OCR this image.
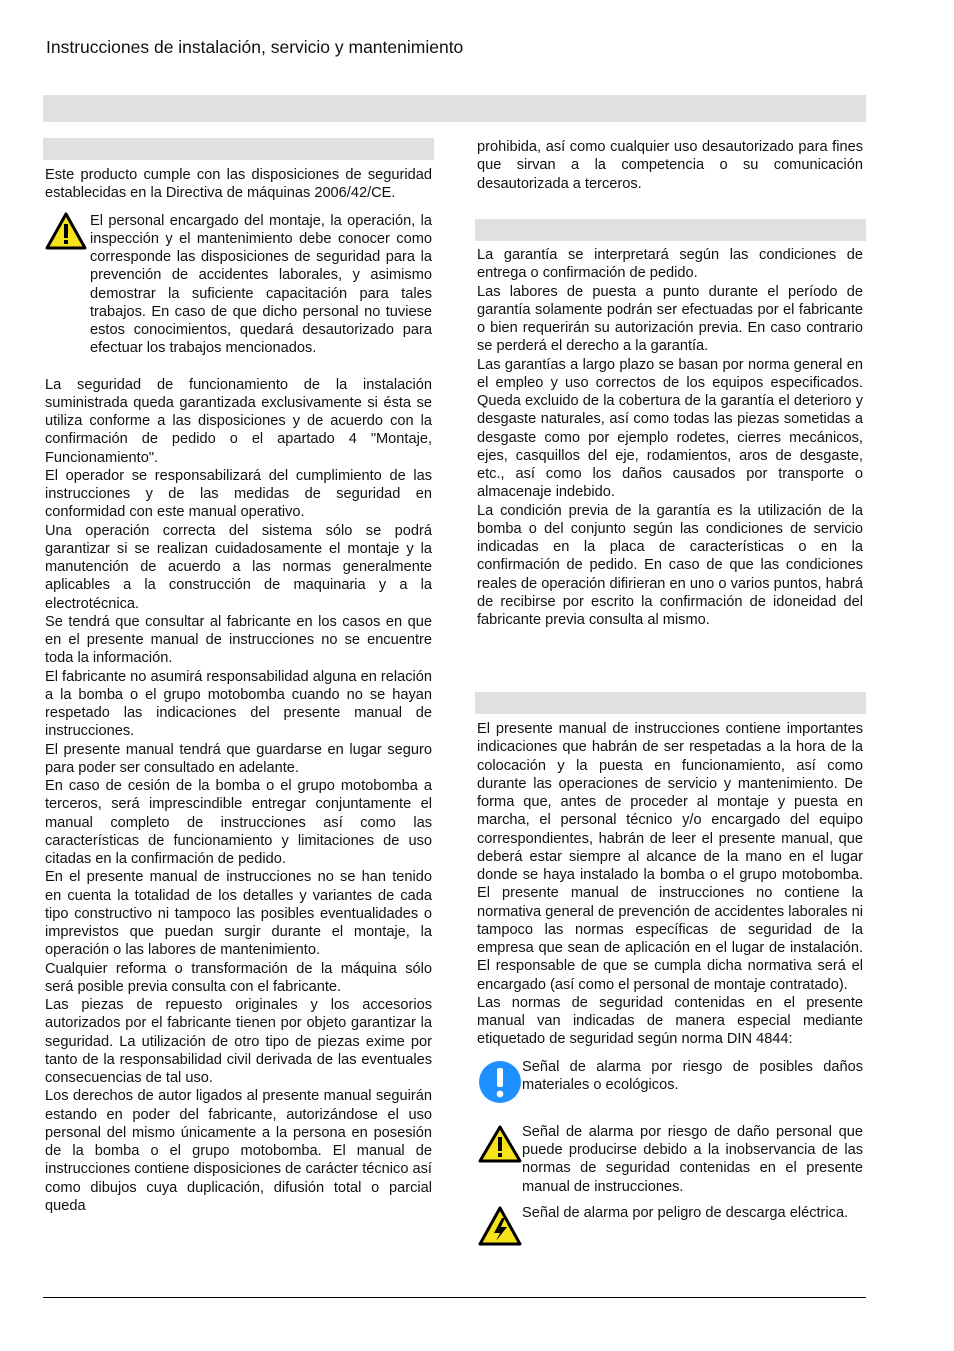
Instrucciones de instalación, servicio y mantenimiento

Este producto cumple con las disposiciones de seguridad establecidas en la Directiva de máquinas 2006/42/CE.

El personal encargado del montaje, la operación, la inspección y el mantenimiento debe conocer como corresponde las disposiciones de seguridad para la prevención de accidentes laborales, y asimismo demostrar la suficiente capacitación para tales trabajos. En caso de que dicho personal no tuviese estos conocimientos, quedará desautorizado para efectuar los trabajos mencionados.

La seguridad de funcionamiento de la instalación suministrada queda garantizada exclusivamente si ésta se utiliza conforme a las disposiciones y de acuerdo con la confirmación de pedido o el apartado 4 "Montaje, Funcionamiento".

El operador se responsabilizará del cumplimiento de las instrucciones y de las medidas de seguridad en conformidad con este manual operativo.

Una operación correcta del sistema sólo se podrá garantizar si se realizan cuidadosamente el montaje y la manutención de acuerdo a las normas generalmente aplicables a la construcción de maquinaria y a la electrotécnica.

Se tendrá que consultar al fabricante en los casos en que en el presente manual de instrucciones no se encuentre toda la información.

El fabricante no asumirá responsabilidad alguna en relación a la bomba o el grupo motobomba cuando no se hayan respetado las indicaciones del presente manual de instrucciones.

El presente manual tendrá que guardarse en lugar seguro para poder ser consultado en adelante.

En caso de cesión de la bomba o el grupo motobomba a terceros, será imprescindible entregar conjuntamente el manual completo de instrucciones así como las características de funcionamiento y limitaciones de uso citadas en la confirmación de pedido.

En el presente manual de instrucciones no se han tenido en cuenta la totalidad de los detalles y variantes de cada tipo constructivo ni tampoco las posibles eventualidades o imprevistos que puedan surgir durante el montaje, la operación o las labores de mantenimiento.

Cualquier reforma o transformación de la máquina sólo será posible previa consulta con el fabricante.

Las piezas de repuesto originales y los accesorios autorizados por el fabricante tienen por objeto garantizar la seguridad. La utilización de otro tipo de piezas exime por tanto de la responsabilidad civil derivada de las eventuales consecuencias de tal uso.

Los derechos de autor ligados al presente manual seguirán estando en poder del fabricante, autorizándose el uso personal del mismo únicamente a la persona en posesión de la bomba o el grupo motobomba. El manual de instrucciones contiene disposiciones de carácter técnico así como dibujos cuya duplicación, difusión total o parcial queda

prohibida, así como cualquier uso desautorizado para fines que sirvan a la competencia o su comunicación desautorizada a terceros.

La garantía se interpretará según las condiciones de entrega o confirmación de pedido.

Las labores de puesta a punto durante el período de garantía solamente podrán ser efectuadas por el fabricante o bien requerirán su autorización previa. En caso contrario se perderá el derecho a la garantía.

Las garantías a largo plazo se basan por norma general en el empleo y uso correctos de los equipos especificados. Queda excluido de la cobertura de la garantía el deterioro y desgaste naturales, así como todas las piezas sometidas a desgaste como por ejemplo rodetes, cierres mecánicos, ejes, casquillos del eje, rodamientos, aros de desgaste, etc., así como los daños causados por transporte o almacenaje indebido.

La condición previa de la garantía es la utilización de la bomba o del conjunto según las condiciones de servicio indicadas en la placa de características o en la confirmación de pedido. En caso de que las condiciones reales de operación difirieran en uno o varios puntos, habrá de recibirse por escrito la confirmación de idoneidad del fabricante previa consulta al mismo.

El presente manual de instrucciones contiene importantes indicaciones que habrán de ser respetadas a la hora de la colocación y la puesta en funcionamiento, así como durante las operaciones de servicio y mantenimiento. De forma que, antes de proceder al montaje y puesta en marcha, el personal técnico y/o encargado del equipo correspondientes, habrán de leer el presente manual, que deberá estar siempre al alcance de la mano en el lugar donde se haya instalado la bomba o el grupo motobomba. El presente manual de instrucciones no contiene la normativa general de prevención de accidentes laborales ni tampoco las normas específicas de seguridad de la empresa que sean de aplicación en el lugar de instalación. El responsable de que se cumpla dicha normativa será el encargado (así como el personal de montaje contratado).

Las normas de seguridad contenidas en el presente manual van indicadas de manera especial mediante etiquetado de seguridad según norma DIN 4844:

Señal de alarma por riesgo de posibles daños materiales o ecológicos.
Señal de alarma por riesgo de daño personal que puede producirse debido a la inobservancia de las normas de seguridad contenidas en el presente manual de instrucciones.
Señal de alarma por peligro de descarga eléctrica.
